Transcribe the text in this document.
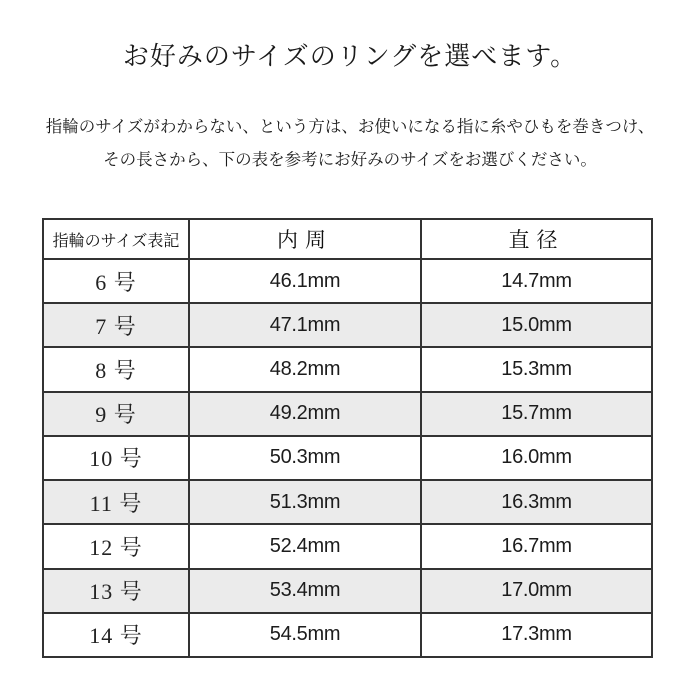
お好みのサイズのリングを選べます。

指輪のサイズがわからない、という方は、お使いになる指に糸やひもを巻きつけ、

その長さから、下の表を参考にお好みのサイズをお選びください。

指輪のサイズ表記	内周	直径
6 号	46.1mm	14.7mm
7 号	47.1mm	15.0mm
8 号	48.2mm	15.3mm
9 号	49.2mm	15.7mm
10 号	50.3mm	16.0mm
11 号	51.3mm	16.3mm
12 号	52.4mm	16.7mm
13 号	53.4mm	17.0mm
14 号	54.5mm	17.3mm
